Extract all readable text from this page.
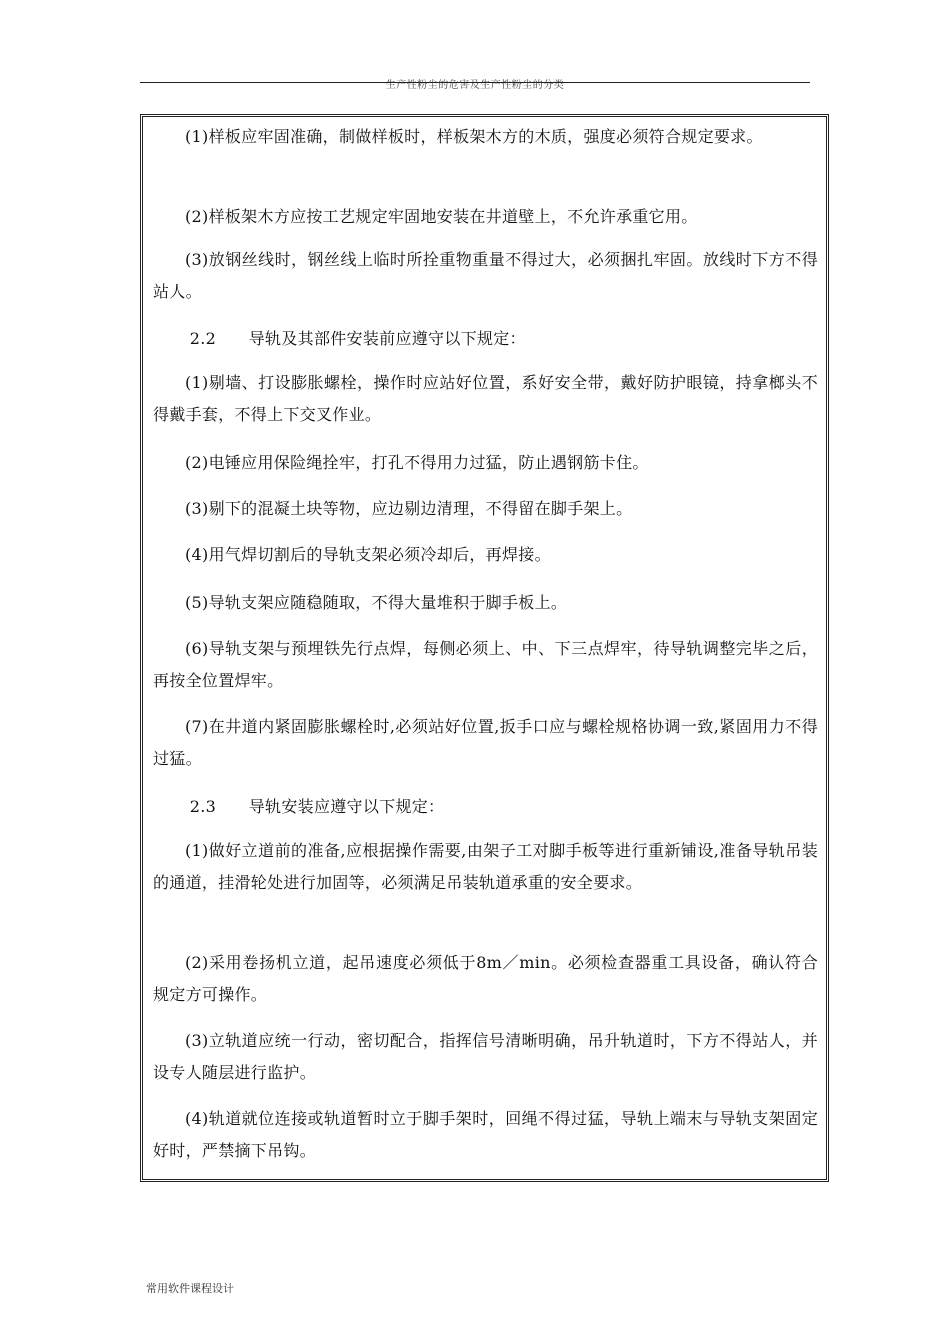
生产性粉尘的危害及生产性粉尘的分类

(1)样板应牢固准确，制做样板时，样板架木方的木质，强度必须符合规定要求。

(2)样板架木方应按工艺规定牢固地安装在井道壁上，不允许承重它用。

(3)放钢丝线时，钢丝线上临时所拴重物重量不得过大，必须捆扎牢固。放线时下方不得站人。

2.2　　导轨及其部件安装前应遵守以下规定：

(1)剔墙、打设膨胀螺栓，操作时应站好位置，系好安全带，戴好防护眼镜，持拿榔头不得戴手套，不得上下交叉作业。

(2)电锤应用保险绳拴牢，打孔不得用力过猛，防止遇钢筋卡住。

(3)剔下的混凝土块等物，应边剔边清理，不得留在脚手架上。

(4)用气焊切割后的导轨支架必须冷却后，再焊接。

(5)导轨支架应随稳随取，不得大量堆积于脚手板上。

(6)导轨支架与预埋铁先行点焊，每侧必须上、中、下三点焊牢，待导轨调整完毕之后，再按全位置焊牢。

(7)在井道内紧固膨胀螺栓时,必须站好位置,扳手口应与螺栓规格协调一致,紧固用力不得过猛。

2.3　　导轨安装应遵守以下规定：

(1)做好立道前的准备,应根据操作需要,由架子工对脚手板等进行重新铺设,准备导轨吊装的通道，挂滑轮处进行加固等，必须满足吊装轨道承重的安全要求。

(2)采用卷扬机立道，起吊速度必须低于8m／min。必须检查器重工具设备，确认符合规定方可操作。

(3)立轨道应统一行动，密切配合，指挥信号清晰明确，吊升轨道时，下方不得站人，并设专人随层进行监护。

(4)轨道就位连接或轨道暂时立于脚手架时，回绳不得过猛，导轨上端末与导轨支架固定好时，严禁摘下吊钩。

常用软件课程设计
